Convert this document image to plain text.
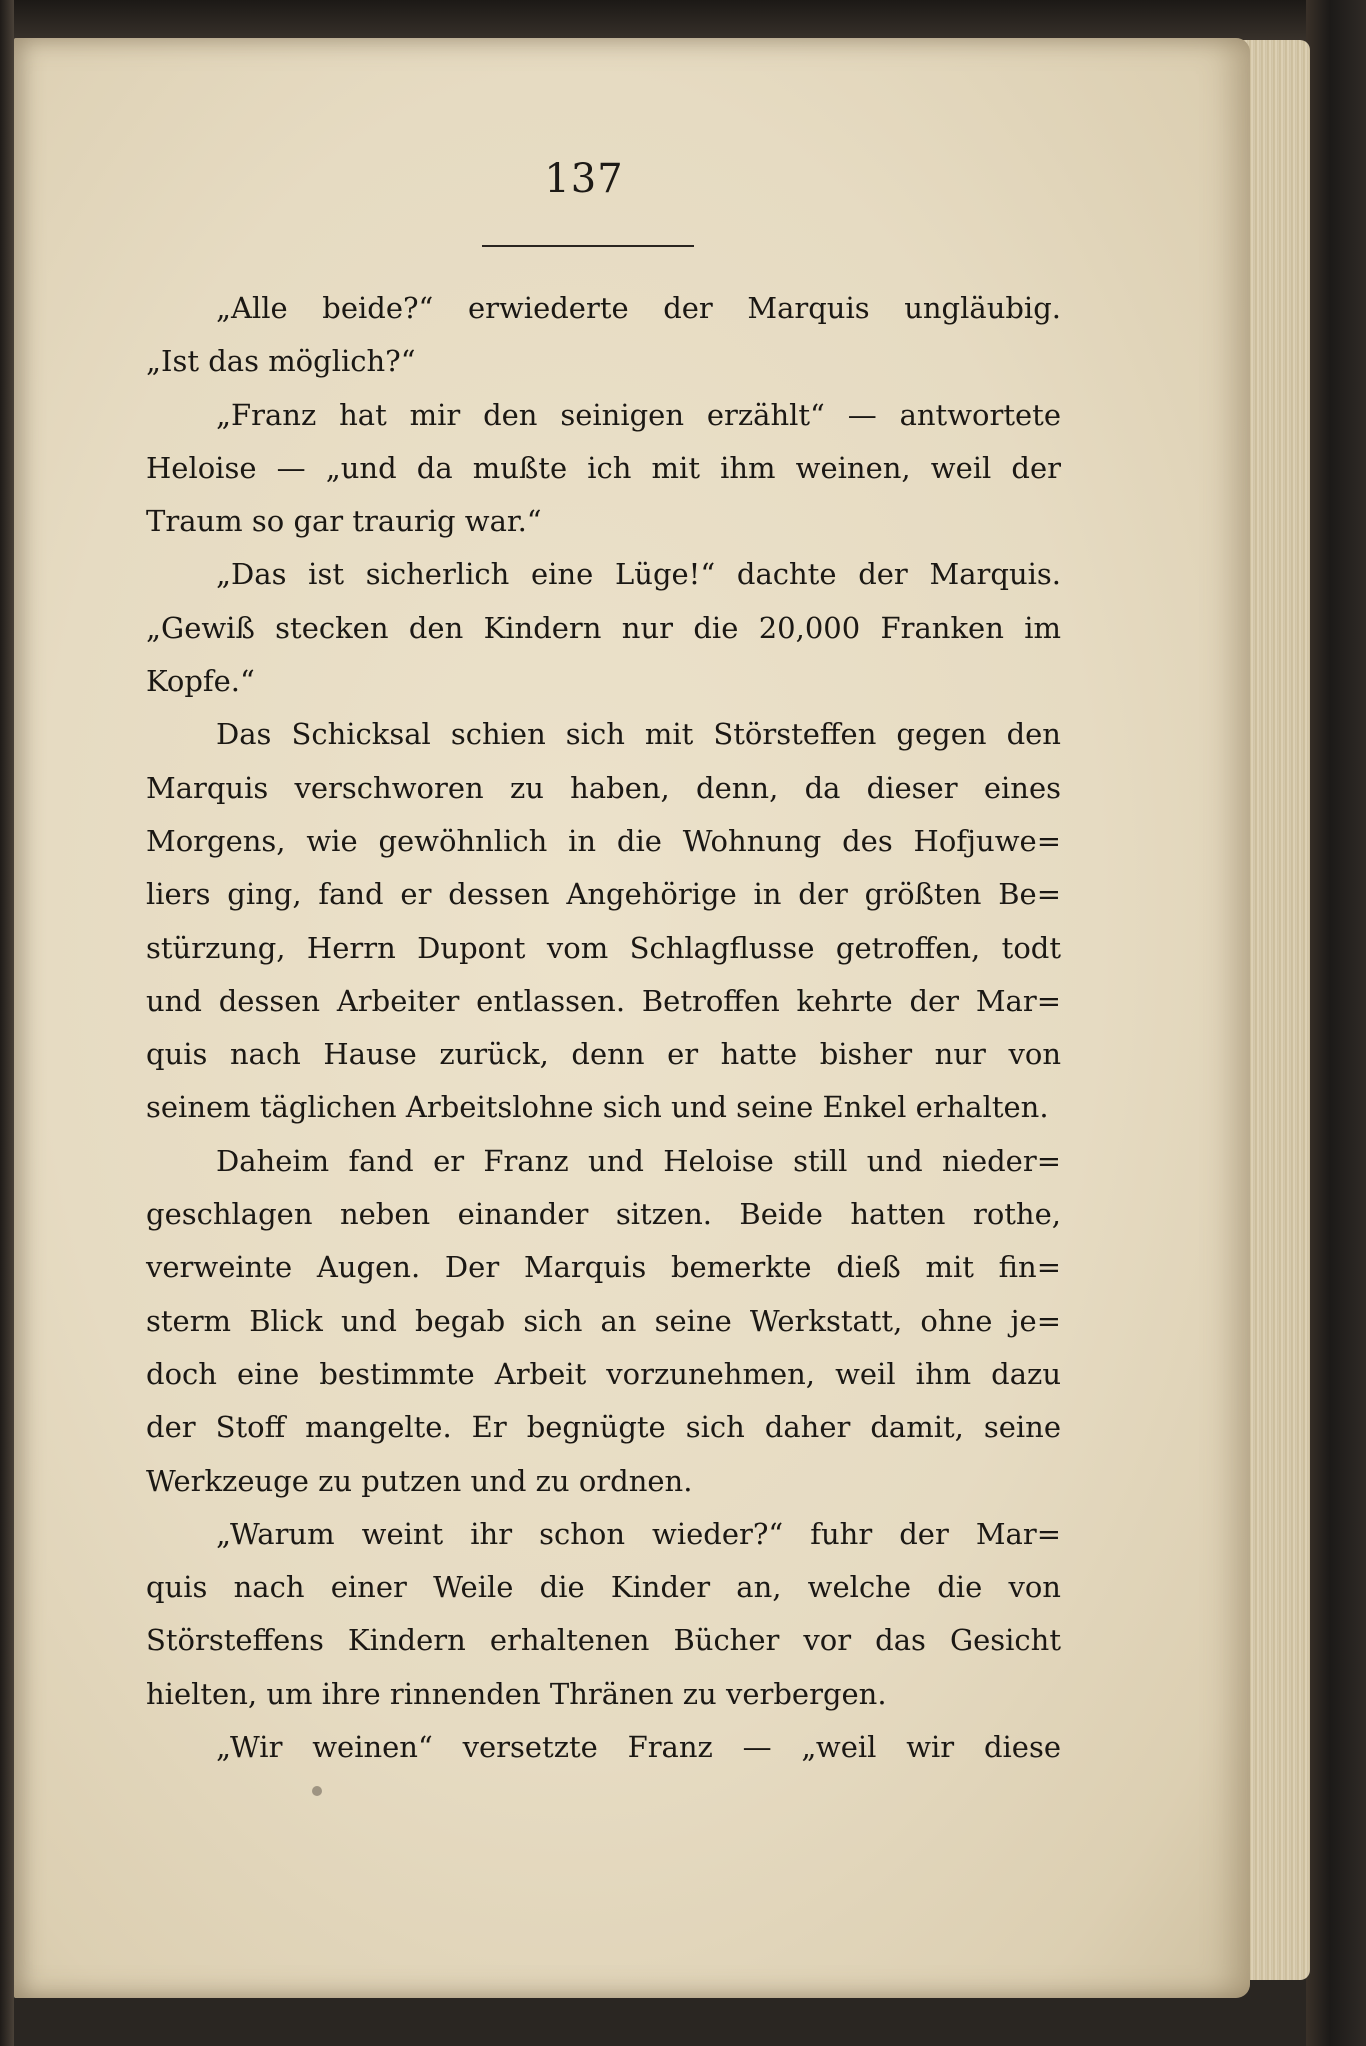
137
„Alle beide?“ erwiederte der Marquis ungläubig.
„Ist das möglich?“
„Franz hat mir den seinigen erzählt“ — antwortete
Heloise — „und da mußte ich mit ihm weinen, weil der
Traum so gar traurig war.“
„Das ist sicherlich eine Lüge!“ dachte der Marquis.
„Gewiß stecken den Kindern nur die 20,000 Franken im
Kopfe.“
Das Schicksal schien sich mit Störsteffen gegen den
Marquis verschworen zu haben, denn, da dieser eines
Morgens, wie gewöhnlich in die Wohnung des Hofjuwe=
liers ging, fand er dessen Angehörige in der größten Be=
stürzung, Herrn Dupont vom Schlagflusse getroffen, todt
und dessen Arbeiter entlassen. Betroffen kehrte der Mar=
quis nach Hause zurück, denn er hatte bisher nur von
seinem täglichen Arbeitslohne sich und seine Enkel erhalten.
Daheim fand er Franz und Heloise still und nieder=
geschlagen neben einander sitzen. Beide hatten rothe,
verweinte Augen. Der Marquis bemerkte dieß mit fin=
sterm Blick und begab sich an seine Werkstatt, ohne je=
doch eine bestimmte Arbeit vorzunehmen, weil ihm dazu
der Stoff mangelte. Er begnügte sich daher damit, seine
Werkzeuge zu putzen und zu ordnen.
„Warum weint ihr schon wieder?“ fuhr der Mar=
quis nach einer Weile die Kinder an, welche die von
Störsteffens Kindern erhaltenen Bücher vor das Gesicht
hielten, um ihre rinnenden Thränen zu verbergen.
„Wir weinen“ versetzte Franz — „weil wir diese
